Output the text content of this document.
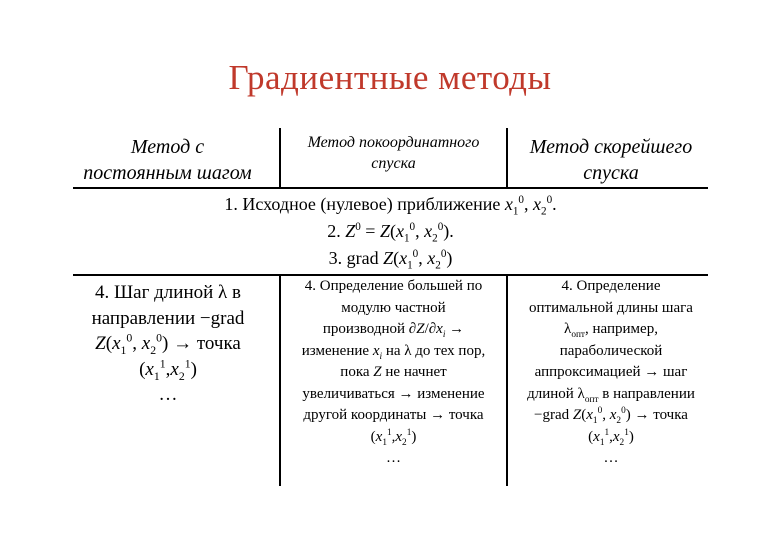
Градиентные методы
Метод с
постоянным шагом
Метод покоординатного
спуска
Метод скорейшего
спуска
1. Исходное (нулевое) приближение $x_1^0$, $x_2^0$.
2. $Z^0 = Z(x_1^0$, $x_2^0$).
3. grad $Z(x_1^0$, $x_2^0$)
4. Шаг длиной λ в
направлении −grad
$Z(x_1^0$, $x_2^0$) → точка
$(x_1^1,x_2^1)$
…
4. Определение большей по
модулю частной
производной $\partial Z/\partial x_i$ →
изменение $x_i$ на λ до тех пор,
пока Z не начнет
увеличиваться → изменение
другой координаты → точка
$(x_1^1,x_2^1)$
…
4. Определение
оптимальной длины шага
$\lambda_{опт}$, например,
параболической
аппроксимацией → шаг
длиной $\lambda_{опт}$ в направлении
−grad $Z(x_1^0$, $x_2^0$) → точка
$(x_1^1,x_2^1)$
…
